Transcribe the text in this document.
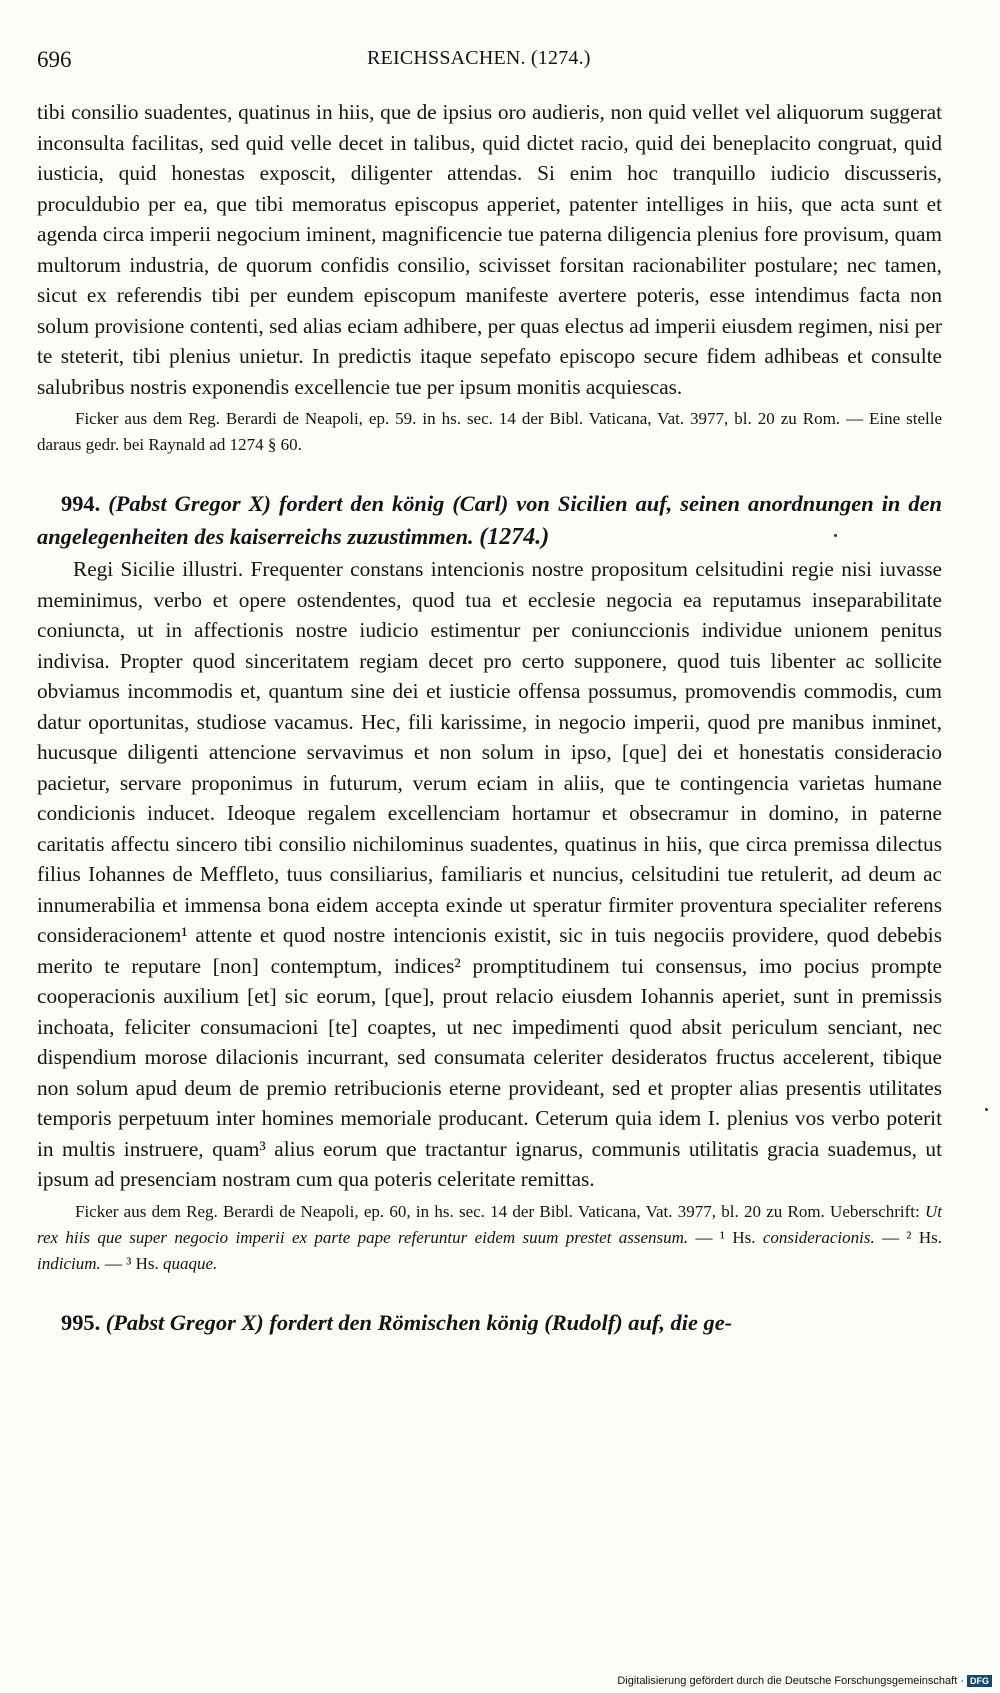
696	REICHSSACHEN. (1274.)

tibi consilio suadentes, quatinus in hiis, que de ipsius oro audieris, non quid vellet vel aliquorum suggerat inconsulta facilitas, sed quid velle decet in talibus, quid dictet racio, quid dei beneplacito congruat, quid iusticia, quid honestas exposcit, diligenter attendas. Si enim hoc tranquillo iudicio discusseris, proculdubio per ea, que tibi memoratus episcopus apperiet, patenter intelliges in hiis, que acta sunt et agenda circa imperii negocium iminent, magnificencie tue paterna diligencia plenius fore provisum, quam multorum industria, de quorum confidis consilio, scivisset forsitan racionabiliter postulare; nec tamen, sicut ex referendis tibi per eundem episcopum manifeste avertere poteris, esse intendimus facta non solum provisione contenti, sed alias eciam adhibere, per quas electus ad imperii eiusdem regimen, nisi per te steterit, tibi plenius unietur. In predictis itaque sepefato episcopo secure fidem adhibeas et consulte salubribus nostris exponendis excellencie tue per ipsum monitis acquiescas.

Ficker aus dem Reg. Berardi de Neapoli, ep. 59. in hs. sec. 14 der Bibl. Vaticana, Vat. 3977, bl. 20 zu Rom. — Eine stelle daraus gedr. bei Raynald ad 1274 § 60.

994. (Pabst Gregor X) fordert den könig (Carl) von Sicilien auf, seinen anordnungen in den angelegenheiten des kaiserreichs zuzustimmen. (1274.)

Regi Sicilie illustri. Frequenter constans intencionis nostre propositum celsitudini regie nisi iuvasse meminimus, verbo et opere ostendentes, quod tua et ecclesie negocia ea reputamus inseparabilitate coniuncta, ut in affectionis nostre iudicio estimentur per coniunccionis individue unionem penitus indivisa. Propter quod sinceritatem regiam decet pro certo supponere, quod tuis libenter ac sollicite obviamus incommodis et, quantum sine dei et iusticie offensa possumus, promovendis commodis, cum datur oportunitas, studiose vacamus. Hec, fili karissime, in negocio imperii, quod pre manibus inminet, hucusque diligenti attencione servavimus et non solum in ipso, [que] dei et honestatis consideracio pacietur, servare proponimus in futurum, verum eciam in aliis, que te contingencia varietas humane condicionis inducet. Ideoque regalem excellenciam hortamur et obsecramur in domino, in paterne caritatis affectu sincero tibi consilio nichilominus suadentes, quatinus in hiis, que circa premissa dilectus filius Iohannes de Meffleto, tuus consiliarius, familiaris et nuncius, celsitudini tue retulerit, ad deum ac innumerabilia et immensa bona eidem accepta exinde ut speratur firmiter proventura specialiter referens consideracionem¹ attente et quod nostre intencionis existit, sic in tuis negociis providere, quod debebis merito te reputare [non] contemptum, indices² promptitudinem tui consensus, imo pocius prompte cooperacionis auxilium [et] sic eorum, [que], prout relacio eiusdem Iohannis aperiet, sunt in premissis inchoata, feliciter consumacioni [te] coaptes, ut nec impedimenti quod absit periculum senciant, nec dispendium morose dilacionis incurrant, sed consumata celeriter desideratos fructus accelerent, tibique non solum apud deum de premio retribucionis eterne provideant, sed et propter alias presentis utilitates temporis perpetuum inter homines memoriale producant. Ceterum quia idem I. plenius vos verbo poterit in multis instruere, quam³ alius eorum que tractantur ignarus, communis utilitatis gracia suademus, ut ipsum ad presenciam nostram cum qua poteris celeritate remittas.

Ficker aus dem Reg. Berardi de Neapoli, ep. 60, in hs. sec. 14 der Bibl. Vaticana, Vat. 3977, bl. 20 zu Rom. Ueberschrift: Ut rex hiis que super negocio imperii ex parte pape referuntur eidem suum prestet assensum. — ¹ Hs. consideracionis. — ² Hs. indicium. — ³ Hs. quaque.

995. (Pabst Gregor X) fordert den Römischen könig (Rudolf) auf, die ge-
Digitalisierung gefördert durch die Deutsche Forschungsgemeinschaft · DFG
